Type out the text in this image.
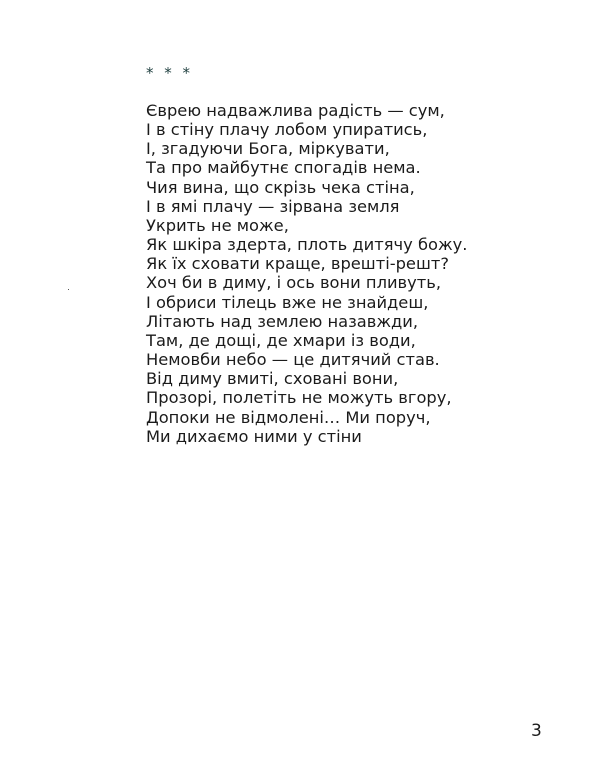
* * *
Єврею надважлива радість — сум,
І в стіну плачу лобом упиратись,
І, згадуючи Бога, міркувати,
Та про майбутнє спогадів нема.
Чия вина, що скрізь чека стіна,
І в ямі плачу — зірвана земля
Укрить не може,
Як шкіра здерта, плоть дитячу божу.
Як їх сховати краще, врешті-решт?
Хоч би в диму, і ось вони пливуть,
І обриси тілець вже не знайдеш,
Літають над землею назавжди,
Там, де дощі, де хмари із води,
Немовби небо — це дитячий став.
Від диму вмиті, сховані вони,
Прозорі, полетіть не можуть вгору,
Допоки не відмолені… Ми поруч,
Ми дихаємо ними у стіни
3
